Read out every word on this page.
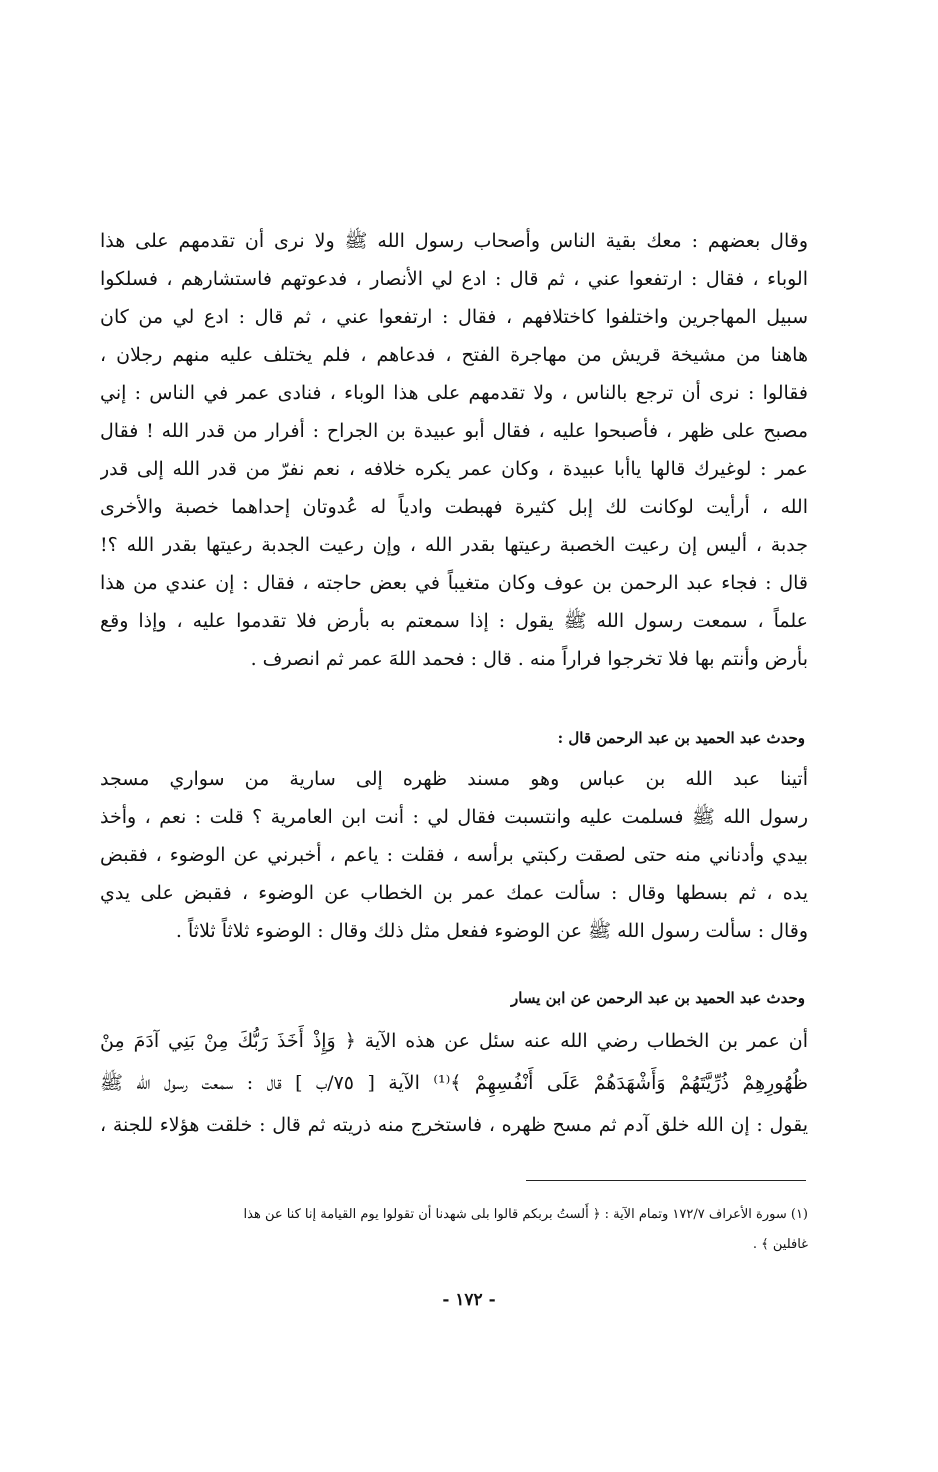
وقال بعضهم : معك بقية الناس وأصحاب رسول الله ﷺ ولا نرى أن تقدمهم على هذا
الوباء ، فقال : ارتفعوا عني ، ثم قال : ادع لي الأنصار ، فدعوتهم فاستشارهم ، فسلكوا
سبيل المهاجرين واختلفوا كاختلافهم ، فقال : ارتفعوا عني ، ثم قال : ادع لي من كان
هاهنا من مشيخة قريش من مهاجرة الفتح ، فدعاهم ، فلم يختلف عليه منهم رجلان ،
فقالوا : نرى أن ترجع بالناس ، ولا تقدمهم على هذا الوباء ، فنادى عمر في الناس : إني
مصبح على ظهر ، فأصبحوا عليه ، فقال أبو عبيدة بن الجراح : أفرار من قدر الله ! فقال
عمر : لوغيرك قالها ياأبا عبيدة ، وكان عمر يكره خلافه ، نعم نفرّ من قدر الله إلى قدر
الله ، أرأيت لوكانت لك إبل كثيرة فهبطت وادياً له عُدوتان إحداهما خصبة والأخرى
جدبة ، أليس إن رعيت الخصبة رعيتها بقدر الله ، وإن رعيت الجدبة رعيتها بقدر الله ؟!
قال : فجاء عبد الرحمن بن عوف وكان متغيباً في بعض حاجته ، فقال : إن عندي من هذا
علماً ، سمعت رسول الله ﷺ يقول : إذا سمعتم به بأرض فلا تقدموا عليه ، وإذا وقع
بأرض وأنتم بها فلا تخرجوا فراراً منه . قال : فحمد اللهَ عمر ثم انصرف .
وحدث عبد الحميد بن عبد الرحمن قال :
أتينا عبد الله بن عباس وهو مسند ظهره إلى سارية من سواري مسجد
رسول الله ﷺ فسلمت عليه وانتسبت فقال لي : أنت ابن العامرية ؟ قلت : نعم ، وأخذ
بيدي وأدناني منه حتى لصقت ركبتي برأسه ، فقلت : ياعم ، أخبرني عن الوضوء ، فقبض
يده ، ثم بسطها وقال : سألت عمك عمر بن الخطاب عن الوضوء ، فقبض على يدي
وقال : سألت رسول الله ﷺ عن الوضوء ففعل مثل ذلك وقال : الوضوء ثلاثاً ثلاثاً .
وحدث عبد الحميد بن عبد الرحمن عن ابن يسار
أن عمر بن الخطاب رضي الله عنه سئل عن هذه الآية ﴿ وَإِذْ أَخَذَ رَبُّكَ مِنْ بَنِي آدَمَ مِنْ
ظُهُورِهِمْ ذُرِّيَّتَهُمْ وَأَشْهَدَهُمْ عَلَى أَنْفُسِهِمْ ﴾⁽¹⁾ الآية [ ٧٥/ب ] قال : سمعت رسول الله ﷺ
يقول : إن الله خلق آدم ثم مسح ظهره ، فاستخرج منه ذريته ثم قال : خلقت هؤلاء للجنة ،
(١) سورة الأعراف ١٧٢/٧ وتمام الآية : ﴿ أَلستُ بربكم قالوا بلى شهدنا أن تقولوا يوم القيامة إنا كنا عن هذا
غافلين ﴾ .
- ١٧٢ -
